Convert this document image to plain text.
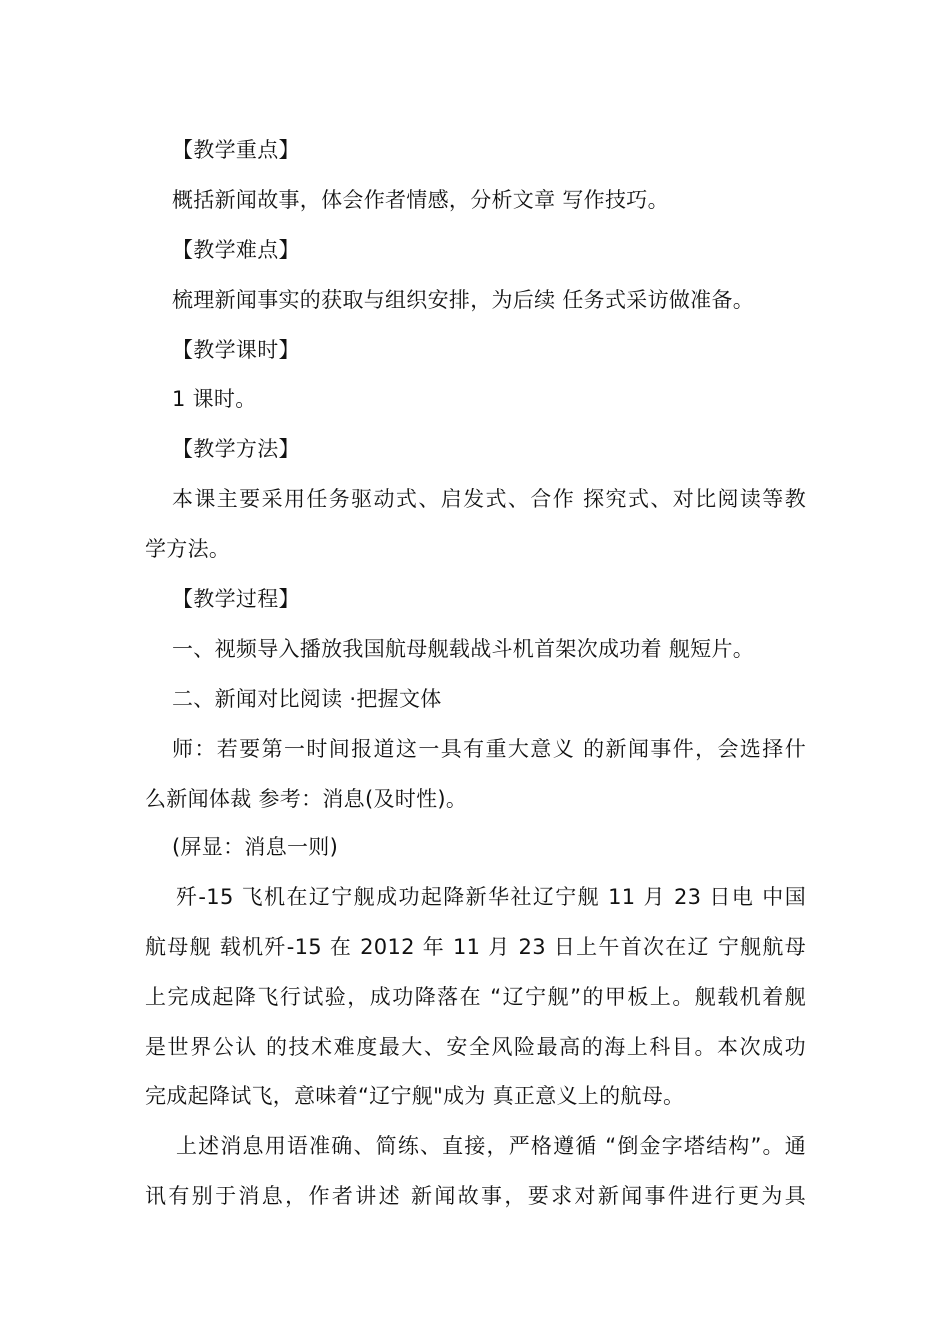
【教学重点】
概括新闻故事，体会作者情感，分析文章 写作技巧。
【教学难点】
梳理新闻事实的获取与组织安排，为后续 任务式采访做准备。
【教学课时】
1 课时。
【教学方法】
本课主要采用任务驱动式、启发式、合作 探究式、对比阅读等教
学方法。
【教学过程】
一、视频导入播放我国航母舰载战斗机首架次成功着 舰短片。
二、新闻对比阅读 ·把握文体
师：若要第一时间报道这一具有重大意义 的新闻事件，会选择什
么新闻体裁 参考：消息(及时性)。
(屏显：消息一则)
歼-15 飞机在辽宁舰成功起降新华社辽宁舰 11 月 23 日电 中国
航母舰 载机歼-15 在 2012 年 11 月 23 日上午首次在辽 宁舰航母
上完成起降飞行试验，成功降落在 “辽宁舰”的甲板上。舰载机着舰
是世界公认 的技术难度最大、安全风险最高的海上科目。本次成功
完成起降试飞，意味着“辽宁舰"成为 真正意义上的航母。
上述消息用语准确、简练、直接，严格遵循 “倒金字塔结构”。通
讯有别于消息，作者讲述 新闻故事，要求对新闻事件进行更为具
